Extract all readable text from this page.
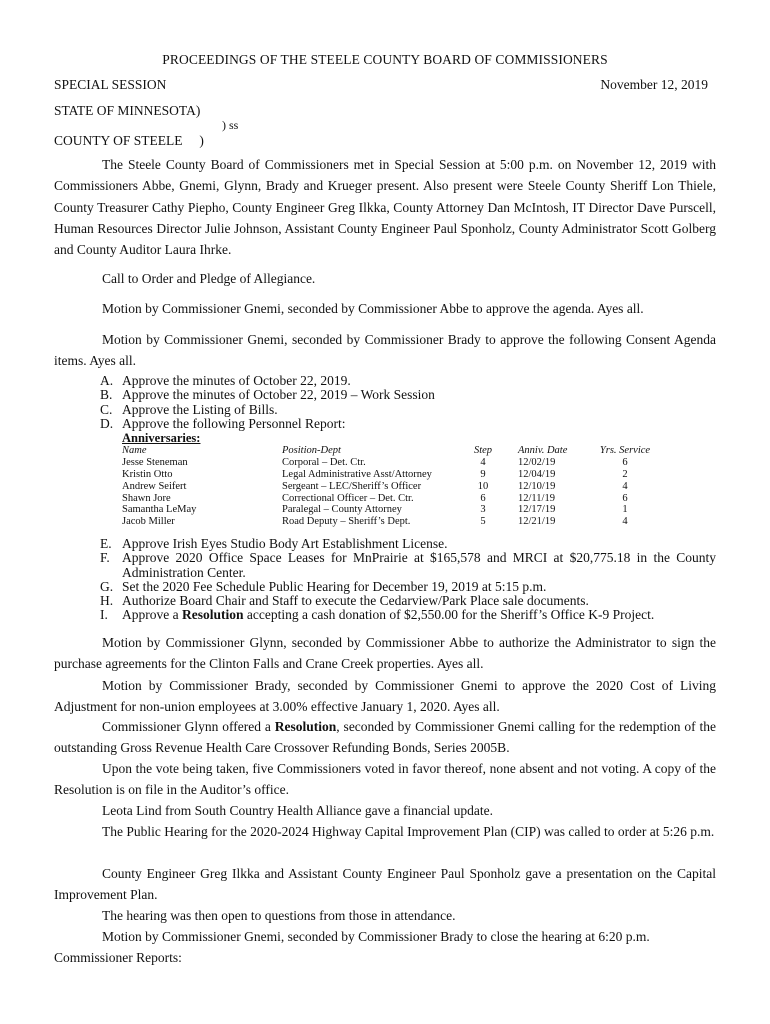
PROCEEDINGS OF THE STEELE COUNTY BOARD OF COMMISSIONERS
SPECIAL SESSION	November 12, 2019
STATE OF MINNESOTA)
) ss
COUNTY OF STEELE     )
The Steele County Board of Commissioners met in Special Session at 5:00 p.m. on November 12, 2019 with Commissioners Abbe, Gnemi, Glynn, Brady and Krueger present. Also present were Steele County Sheriff Lon Thiele, County Treasurer Cathy Piepho, County Engineer Greg Ilkka, County Attorney Dan McIntosh, IT Director Dave Purscell, Human Resources Director Julie Johnson, Assistant County Engineer Paul Sponholz, County Administrator Scott Golberg and County Auditor Laura Ihrke.
Call to Order and Pledge of Allegiance.
Motion by Commissioner Gnemi, seconded by Commissioner Abbe to approve the agenda. Ayes all.
Motion by Commissioner Gnemi, seconded by Commissioner Brady to approve the following Consent Agenda items. Ayes all.
A. Approve the minutes of October 22, 2019.
B. Approve the minutes of October 22, 2019 – Work Session
C. Approve the Listing of Bills.
D. Approve the following Personnel Report:
Anniversaries:
Name	Position-Dept	Step	Anniv. Date	Yrs. Service
Jesse Steneman	Corporal – Det. Ctr.	4	12/02/19	6
Kristin Otto	Legal Administrative Asst/Attorney	9	12/04/19	2
Andrew Seifert	Sergeant – LEC/Sheriff’s Officer	10	12/10/19	4
Shawn Jore	Correctional Officer – Det. Ctr.	6	12/11/19	6
Samantha LeMay	Paralegal – County Attorney	3	12/17/19	1
Jacob Miller	Road Deputy – Sheriff’s Dept.	5	12/21/19	4
E. Approve Irish Eyes Studio Body Art Establishment License.
F. Approve 2020 Office Space Leases for MnPrairie at $165,578 and MRCI at $20,775.18 in the County Administration Center.
G. Set the 2020 Fee Schedule Public Hearing for December 19, 2019 at 5:15 p.m.
H. Authorize Board Chair and Staff to execute the Cedarview/Park Place sale documents.
I. Approve a Resolution accepting a cash donation of $2,550.00 for the Sheriff’s Office K-9 Project.
Motion by Commissioner Glynn, seconded by Commissioner Abbe to authorize the Administrator to sign the purchase agreements for the Clinton Falls and Crane Creek properties. Ayes all.
Motion by Commissioner Brady, seconded by Commissioner Gnemi to approve the 2020 Cost of Living Adjustment for non-union employees at 3.00% effective January 1, 2020. Ayes all.
Commissioner Glynn offered a Resolution, seconded by Commissioner Gnemi calling for the redemption of the outstanding Gross Revenue Health Care Crossover Refunding Bonds, Series 2005B.
Upon the vote being taken, five Commissioners voted in favor thereof, none absent and not voting. A copy of the Resolution is on file in the Auditor’s office.
Leota Lind from South Country Health Alliance gave a financial update.
The Public Hearing for the 2020-2024 Highway Capital Improvement Plan (CIP) was called to order at 5:26 p.m.
County Engineer Greg Ilkka and Assistant County Engineer Paul Sponholz gave a presentation on the Capital Improvement Plan.
The hearing was then open to questions from those in attendance.
Motion by Commissioner Gnemi, seconded by Commissioner Brady to close the hearing at 6:20 p.m.
Commissioner Reports:
